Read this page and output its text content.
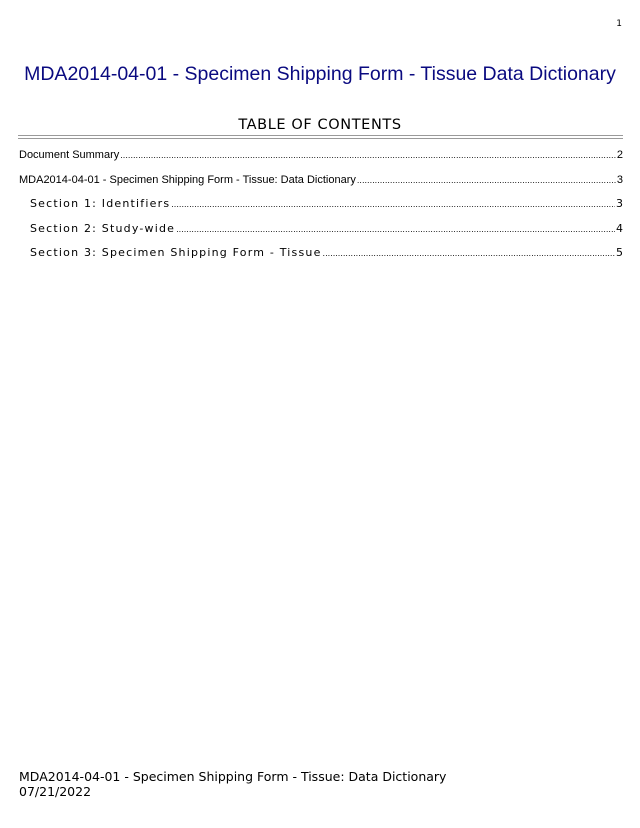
1
MDA2014-04-01 - Specimen Shipping Form - Tissue Data Dictionary
TABLE OF CONTENTS
Document Summary .....	2
MDA2014-04-01 - Specimen Shipping Form - Tissue: Data Dictionary .....	3
Section 1: Identifiers .....	3
Section 2: Study-wide .....	4
Section 3: Specimen Shipping Form - Tissue .....	5
MDA2014-04-01 - Specimen Shipping Form - Tissue: Data Dictionary
07/21/2022
